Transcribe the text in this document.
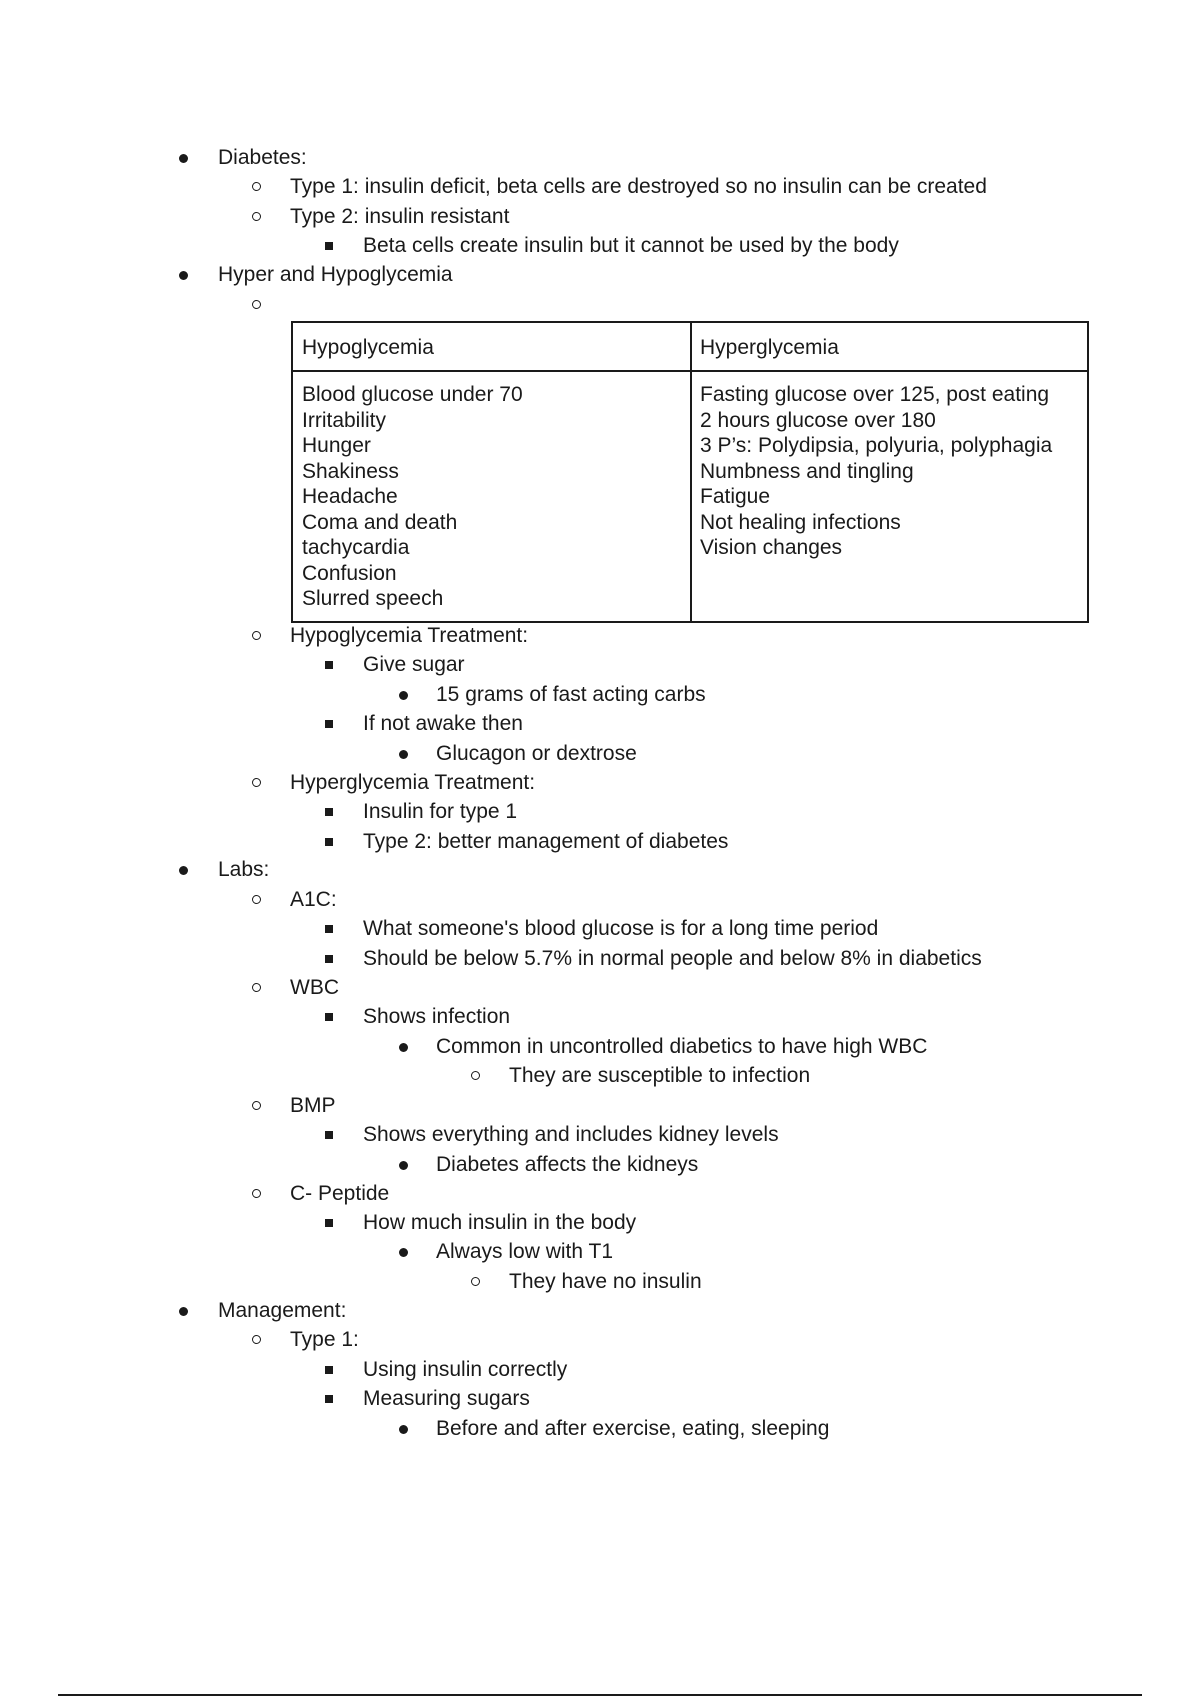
Diabetes:
Type 1: insulin deficit, beta cells are destroyed so no insulin can be created
Type 2: insulin resistant
Beta cells create insulin but it cannot be used by the body
Hyper and Hypoglycemia
Hypoglycemia	Hyperglycemia
Blood glucose under 70
Irritability
Hunger
Shakiness
Headache
Coma and death
tachycardia
Confusion
Slurred speech
Fasting glucose over 125, post eating
2 hours glucose over 180
3 P’s: Polydipsia, polyuria, polyphagia
Numbness and tingling
Fatigue
Not healing infections
Vision changes
Hypoglycemia Treatment:
Give sugar
15 grams of fast acting carbs
If not awake then
Glucagon or dextrose
Hyperglycemia Treatment:
Insulin for type 1
Type 2: better management of diabetes
Labs:
A1C:
What someone's blood glucose is for a long time period
Should be below 5.7% in normal people and below 8% in diabetics
WBC
Shows infection
Common in uncontrolled diabetics to have high WBC
They are susceptible to infection
BMP
Shows everything and includes kidney levels
Diabetes affects the kidneys
C- Peptide
How much insulin in the body
Always low with T1
They have no insulin
Management:
Type 1:
Using insulin correctly
Measuring sugars
Before and after exercise, eating, sleeping
